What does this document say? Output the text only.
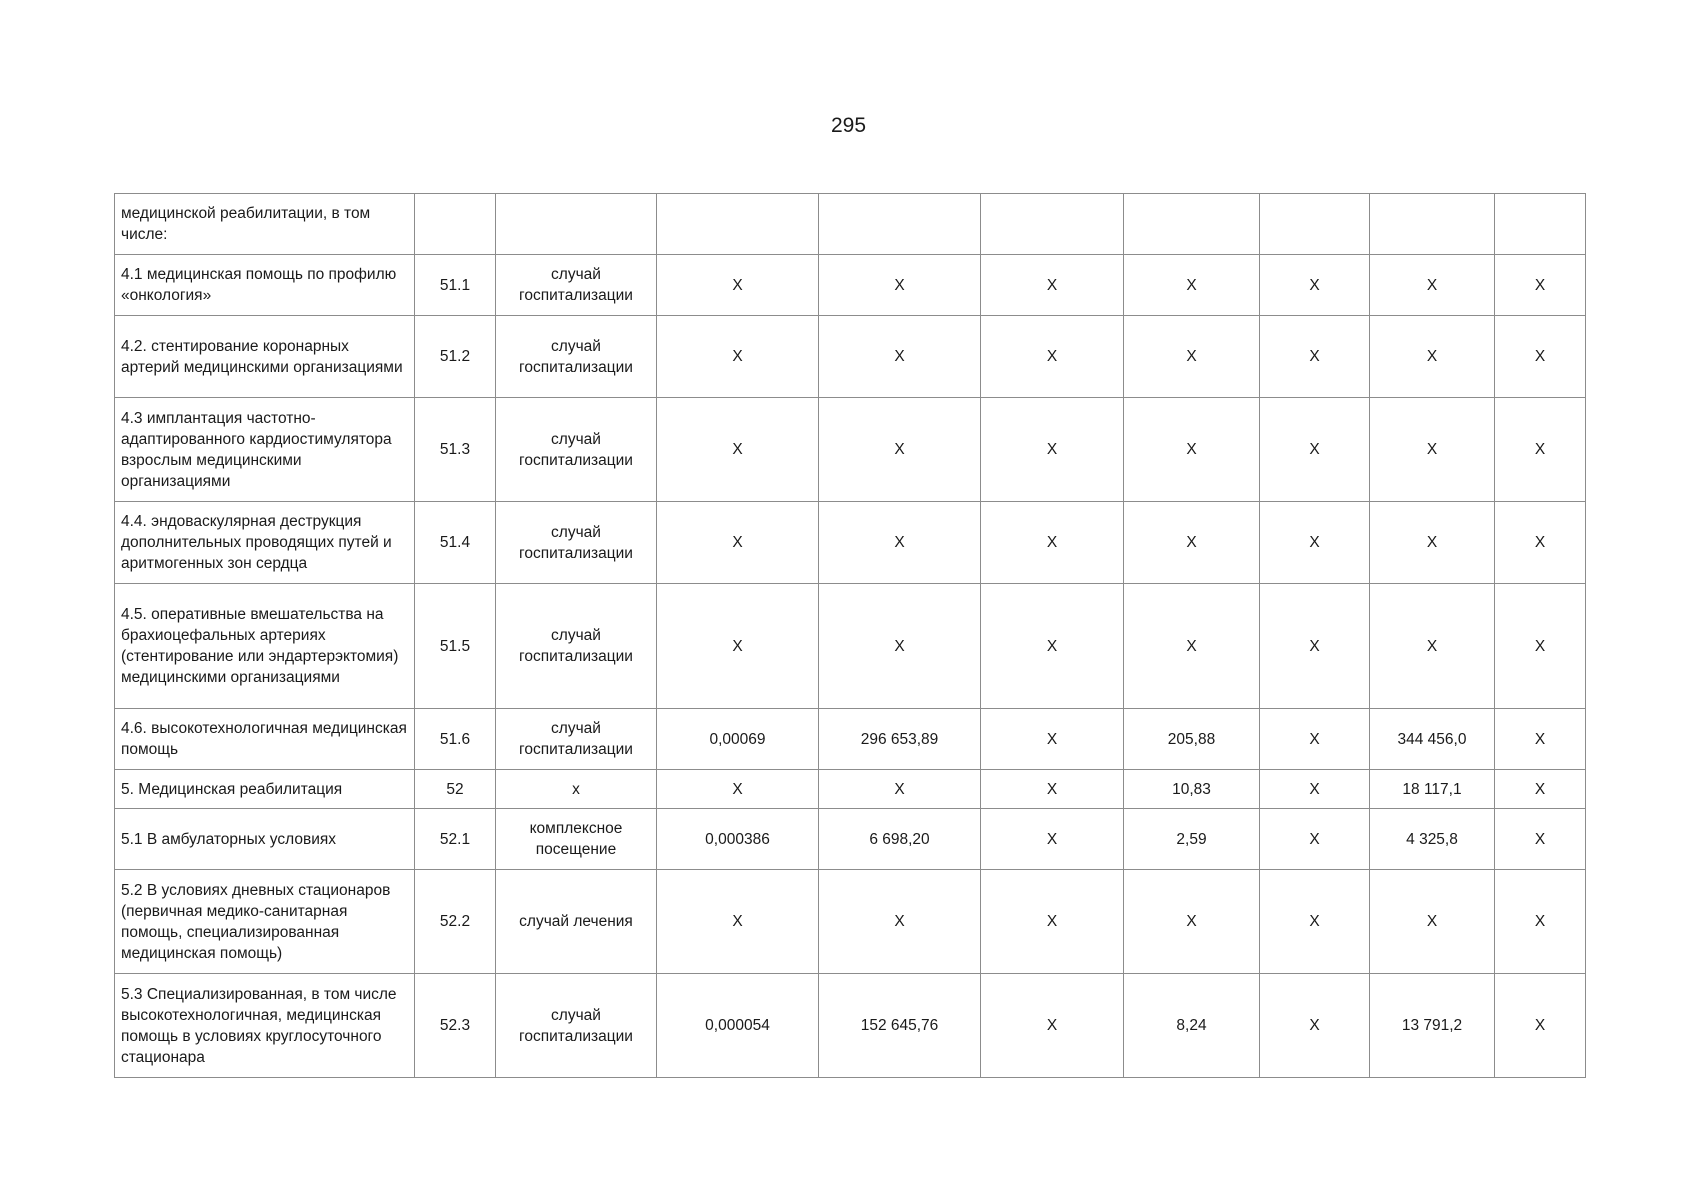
295
медицинской реабилитации, в том числе:									
4.1 медицинская помощь по профилю «онкология»	51.1	случай госпитализации	X	X	X	X	X	X	X
4.2. стентирование коронарных артерий медицинскими организациями	51.2	случай госпитализации	X	X	X	X	X	X	X
4.3 имплантация частотно-адаптированного кардиостимулятора взрослым медицинскими организациями	51.3	случай госпитализации	X	X	X	X	X	X	X
4.4. эндоваскулярная деструкция дополнительных проводящих путей и аритмогенных зон сердца	51.4	случай госпитализации	X	X	X	X	X	X	X
4.5. оперативные вмешательства на брахиоцефальных артериях (стентирование или эндартерэктомия) медицинскими организациями	51.5	случай госпитализации	X	X	X	X	X	X	X
4.6. высокотехнологичная медицинская помощь	51.6	случай госпитализации	0,00069	296 653,89	X	205,88	X	344 456,0	X
5. Медицинская реабилитация	52	x	X	X	X	10,83	X	18 117,1	X
5.1 В амбулаторных условиях	52.1	комплексное посещение	0,000386	6 698,20	X	2,59	X	4 325,8	X
5.2 В условиях дневных стационаров (первичная медико-санитарная помощь, специализированная медицинская помощь)	52.2	случай лечения	X	X	X	X	X	X	X
5.3 Специализированная, в том числе высокотехнологичная, медицинская помощь в условиях круглосуточного стационара	52.3	случай госпитализации	0,000054	152 645,76	X	8,24	X	13 791,2	X
